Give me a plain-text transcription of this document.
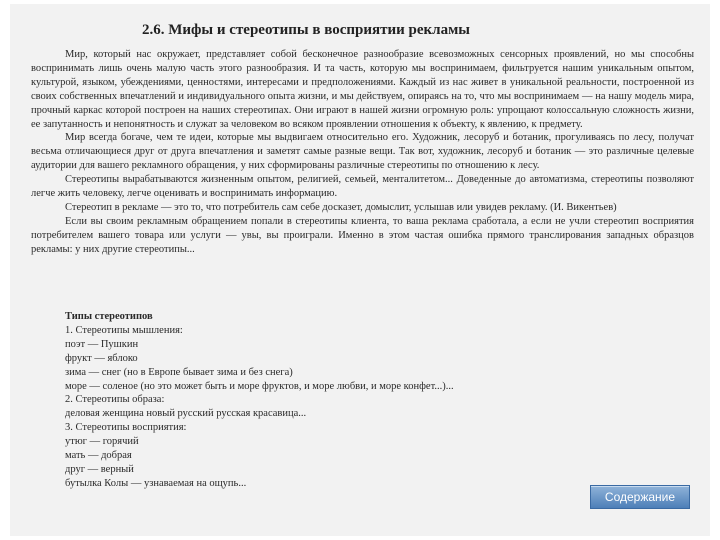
2.6. Мифы и стереотипы в восприятии рекламы

Мир, который нас окружает, представляет собой бесконечное разнообразие всевозможных сенсорных проявлений, но мы способны воспринимать лишь очень малую часть этого разнообразия. И та часть, которую мы воспринимаем, фильтруется нашим уникальным опытом, культурой, языком, убеждениями, ценностями, интересами и предположениями. Каждый из нас живет в уникальной реальности, построенной из своих собственных впечатлений и индивидуального опыта жизни, и мы действуем, опираясь на то, что мы воспринимаем — на нашу модель мира, прочный каркас которой построен на наших стереотипах. Они играют в нашей жизни огромную роль: упрощают колоссальную сложность жизни, ее запутанность и непонятность и служат за человеком во всяком проявлении отношения к объекту, к явлению, к предмету.

Мир всегда богаче, чем те идеи, которые мы выдвигаем относительно его. Художник, лесоруб и ботаник, прогуливаясь по лесу, получат весьма отличающиеся друг от друга впечатления и заметят самые разные вещи. Так вот, художник, лесоруб и ботаник — это различные целевые аудитории для вашего рекламного обращения, у них сформированы различные стереотипы по отношению к лесу.

Стереотипы вырабатываются жизненным опытом, религией, семьей, менталитетом... Доведенные до автоматизма, стереотипы позволяют легче жить человеку, легче оценивать и воспринимать информацию.

Стереотип в рекламе — это то, что потребитель сам себе досказет, домыслит, услышав или увидев рекламу. (И. Викентьев)

Если вы своим рекламным обращением попали в стереотипы клиента, то ваша реклама сработала, а если не учли стереотип восприятия потребителем вашего товара или услуги — увы, вы проиграли. Именно в этом частая ошибка прямого транслирования западных образцов рекламы: у них другие стереотипы...

Типы стереотипов
1. Стереотипы мышления:
поэт — Пушкин
фрукт — яблоко
зима — снег (но в Европе бывает зима и без снега)
море — соленое (но это может быть и море фруктов, и море любви, и море конфет...)...
2. Стереотипы образа:
деловая женщина новый русский русская красавица...
3. Стереотипы восприятия:
утюг — горячий
мать — добрая
друг — верный
бутылка Колы — узнаваемая на ощупь...
Содержание
